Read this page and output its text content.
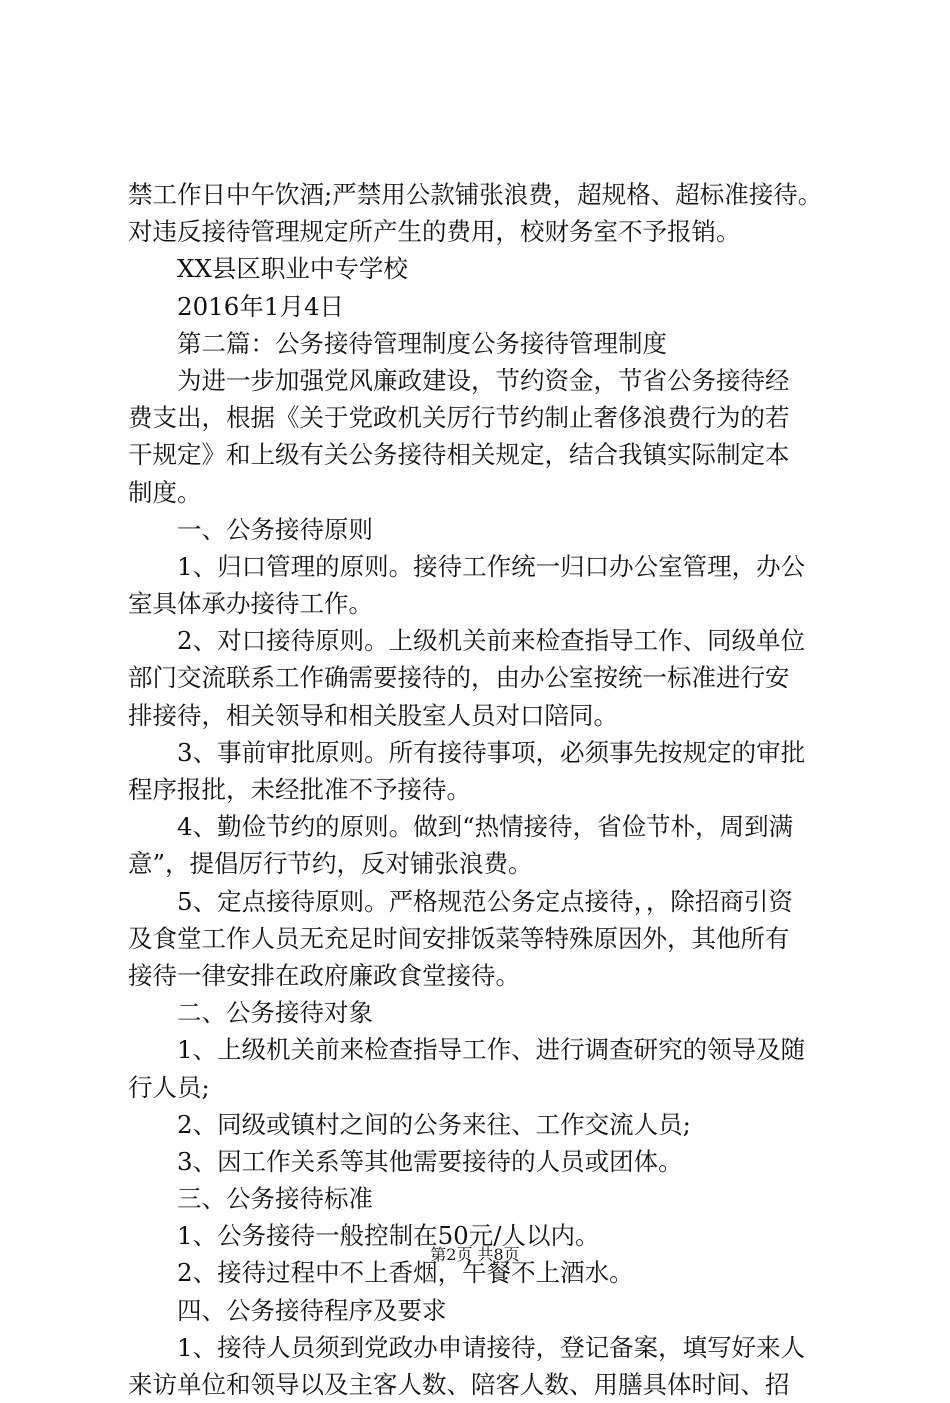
禁工作日中午饮酒;严禁用公款铺张浪费，超规格、超标准接待。
对违反接待管理规定所产生的费用，校财务室不予报销。
　　XX县区职业中专学校
　　2016年1月4日
　　第二篇：公务接待管理制度公务接待管理制度
　　为进一步加强党风廉政建设，节约资金，节省公务接待经
费支出，根据《关于党政机关厉行节约制止奢侈浪费行为的若
干规定》和上级有关公务接待相关规定，结合我镇实际制定本
制度。
　　一、公务接待原则
　　1、归口管理的原则。接待工作统一归口办公室管理，办公
室具体承办接待工作。
　　2、对口接待原则。上级机关前来检查指导工作、同级单位
部门交流联系工作确需要接待的，由办公室按统一标准进行安
排接待，相关领导和相关股室人员对口陪同。
　　3、事前审批原则。所有接待事项，必须事先按规定的审批
程序报批，未经批准不予接待。
　　4、勤俭节约的原则。做到“热情接待，省俭节朴，周到满
意”，提倡厉行节约，反对铺张浪费。
　　5、定点接待原则。严格规范公务定点接待，，除招商引资
及食堂工作人员无充足时间安排饭菜等特殊原因外，其他所有
接待一律安排在政府廉政食堂接待。
　　二、公务接待对象
　　1、上级机关前来检查指导工作、进行调查研究的领导及随
行人员;
　　2、同级或镇村之间的公务来往、工作交流人员;
　　3、因工作关系等其他需要接待的人员或团体。
　　三、公务接待标准
　　1、公务接待一般控制在50元/人以内。
　　2、接待过程中不上香烟，午餐不上酒水。
　　四、公务接待程序及要求
　　1、接待人员须到党政办申请接待，登记备案，填写好来人
来访单位和领导以及主客人数、陪客人数、用膳具体时间、招
第2页 共8页
